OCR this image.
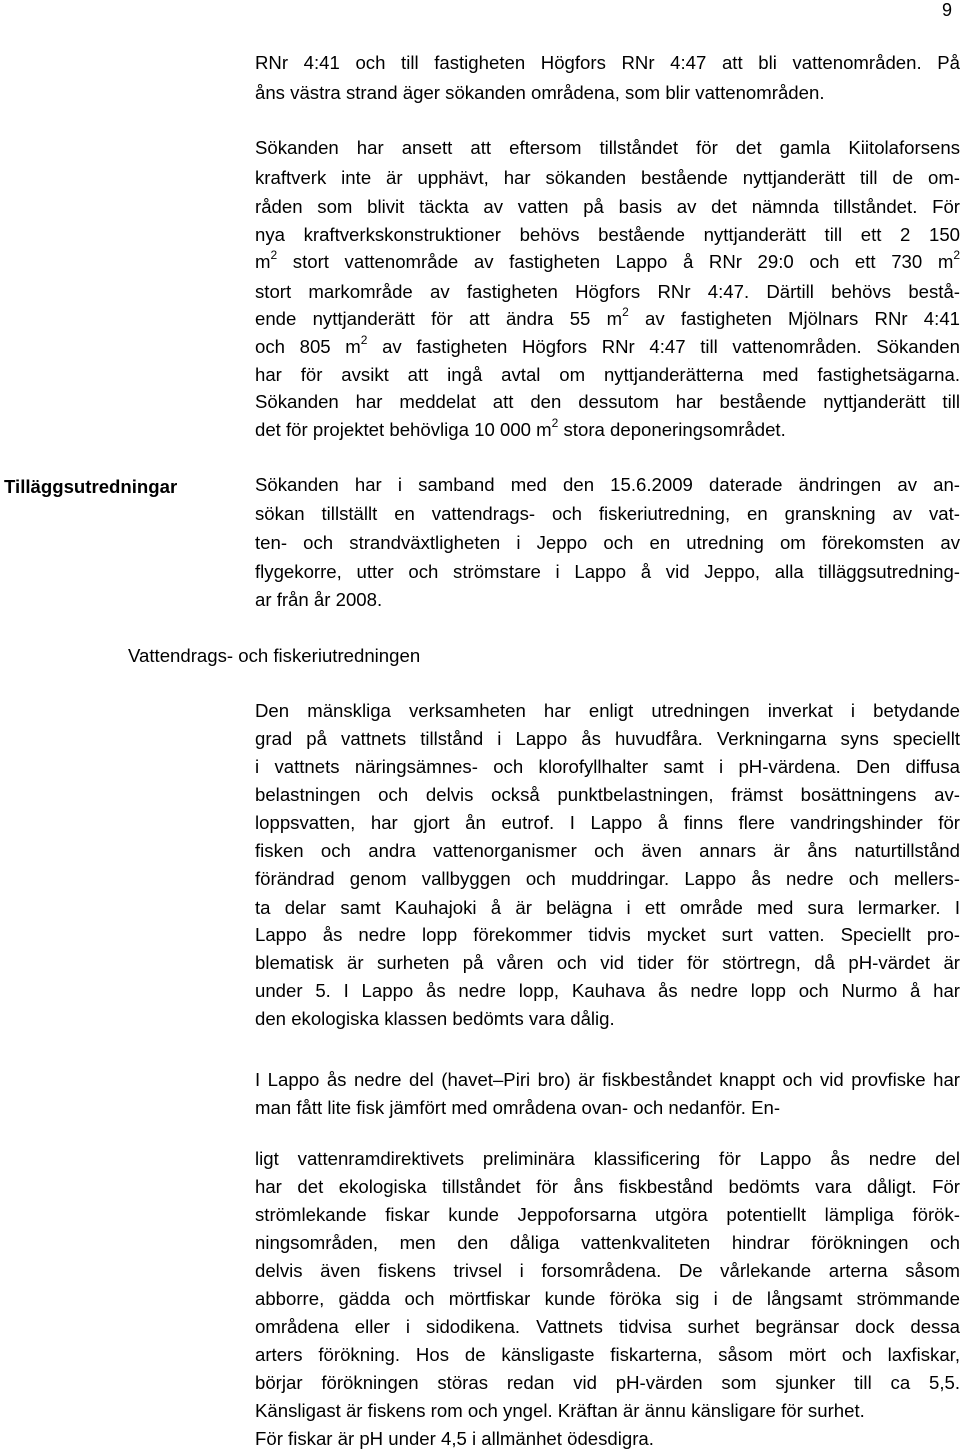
9
RNr 4:41 och till fastigheten Högfors RNr 4:47 att bli vattenområden. På
åns västra strand äger sökanden områdena, som blir vattenområden.
Sökanden har ansett att eftersom tillståndet för det gamla Kiitolaforsens
kraftverk inte är upphävt, har sökanden bestående nyttjanderätt till de om-
råden som blivit täckta av vatten på basis av det nämnda tillståndet. För
nya kraftverkskonstruktioner behövs bestående nyttjanderätt till ett 2 150
$m^2$ stort vattenområde av fastigheten Lappo å RNr 29:0 och ett 730 $m^2$
stort markområde av fastigheten Högfors RNr 4:47. Därtill behövs bestå-
ende nyttjanderätt för att ändra 55 $m^2$ av fastigheten Mjölnars RNr 4:41
och 805 $m^2$ av fastigheten Högfors RNr 4:47 till vattenområden. Sökanden
har för avsikt att ingå avtal om nyttjanderätterna med fastighetsägarna.
Sökanden har meddelat att den dessutom har bestående nyttjanderätt till
det för projektet behövliga 10 000 $m^2$ stora deponeringsområdet.
Tilläggsutredningar	Sökanden har i samband med den 15.6.2009 daterade ändringen av an-
sökan tillställt en vattendrags- och fiskeriutredning, en granskning av vat-
ten- och strandväxtligheten i Jeppo och en utredning om förekomsten av
flygekorre, utter och strömstare i Lappo å vid Jeppo, alla tilläggsutredning-
ar från år 2008.
Vattendrags- och fiskeriutredningen
Den mänskliga verksamheten har enligt utredningen inverkat i betydande
grad på vattnets tillstånd i Lappo ås huvudfåra. Verkningarna syns speciellt
i vattnets näringsämnes- och klorofyllhalter samt i pH-värdena. Den diffusa
belastningen och delvis också punktbelastningen, främst bosättningens av-
loppsvatten, har gjort ån eutrof. I Lappo å finns flere vandringshinder för
fisken och andra vattenorganismer och även annars är åns naturtillstånd
förändrad genom vallbyggen och muddringar. Lappo ås nedre och mellers-
ta delar samt Kauhajoki å är belägna i ett område med sura lermarker. I
Lappo ås nedre lopp förekommer tidvis mycket surt vatten. Speciellt pro-
blematisk är surheten på våren och vid tider för störtregn, då pH-värdet är
under 5. I Lappo ås nedre lopp, Kauhava ås nedre lopp och Nurmo å har
den ekologiska klassen bedömts vara dålig.
I Lappo ås nedre del (havet–Piri bro) är fiskbeståndet knappt och vid provfiske har man fått lite fisk jämfört med områdena ovan- och nedanför. En-
ligt vattenramdirektivets preliminära klassificering för Lappo ås nedre del
har det ekologiska tillståndet för åns fiskbestånd bedömts vara dåligt. För
strömlekande fiskar kunde Jeppoforsarna utgöra potentiellt lämpliga förök-
ningsområden, men den dåliga vattenkvaliteten hindrar förökningen och
delvis även fiskens trivsel i forsområdena. De vårlekande arterna såsom
abborre, gädda och mörtfiskar kunde föröka sig i de långsamt strömmande
områdena eller i sidodikena. Vattnets tidvisa surhet begränsar dock dessa
arters förökning. Hos de känsligaste fiskarterna, såsom mört och laxfiskar,
börjar förökningen störas redan vid pH-värden som sjunker till ca 5,5.
Känsligast är fiskens rom och yngel. Kräftan är ännu känsligare för surhet.
För fiskar är pH under 4,5 i allmänhet ödesdigra.
